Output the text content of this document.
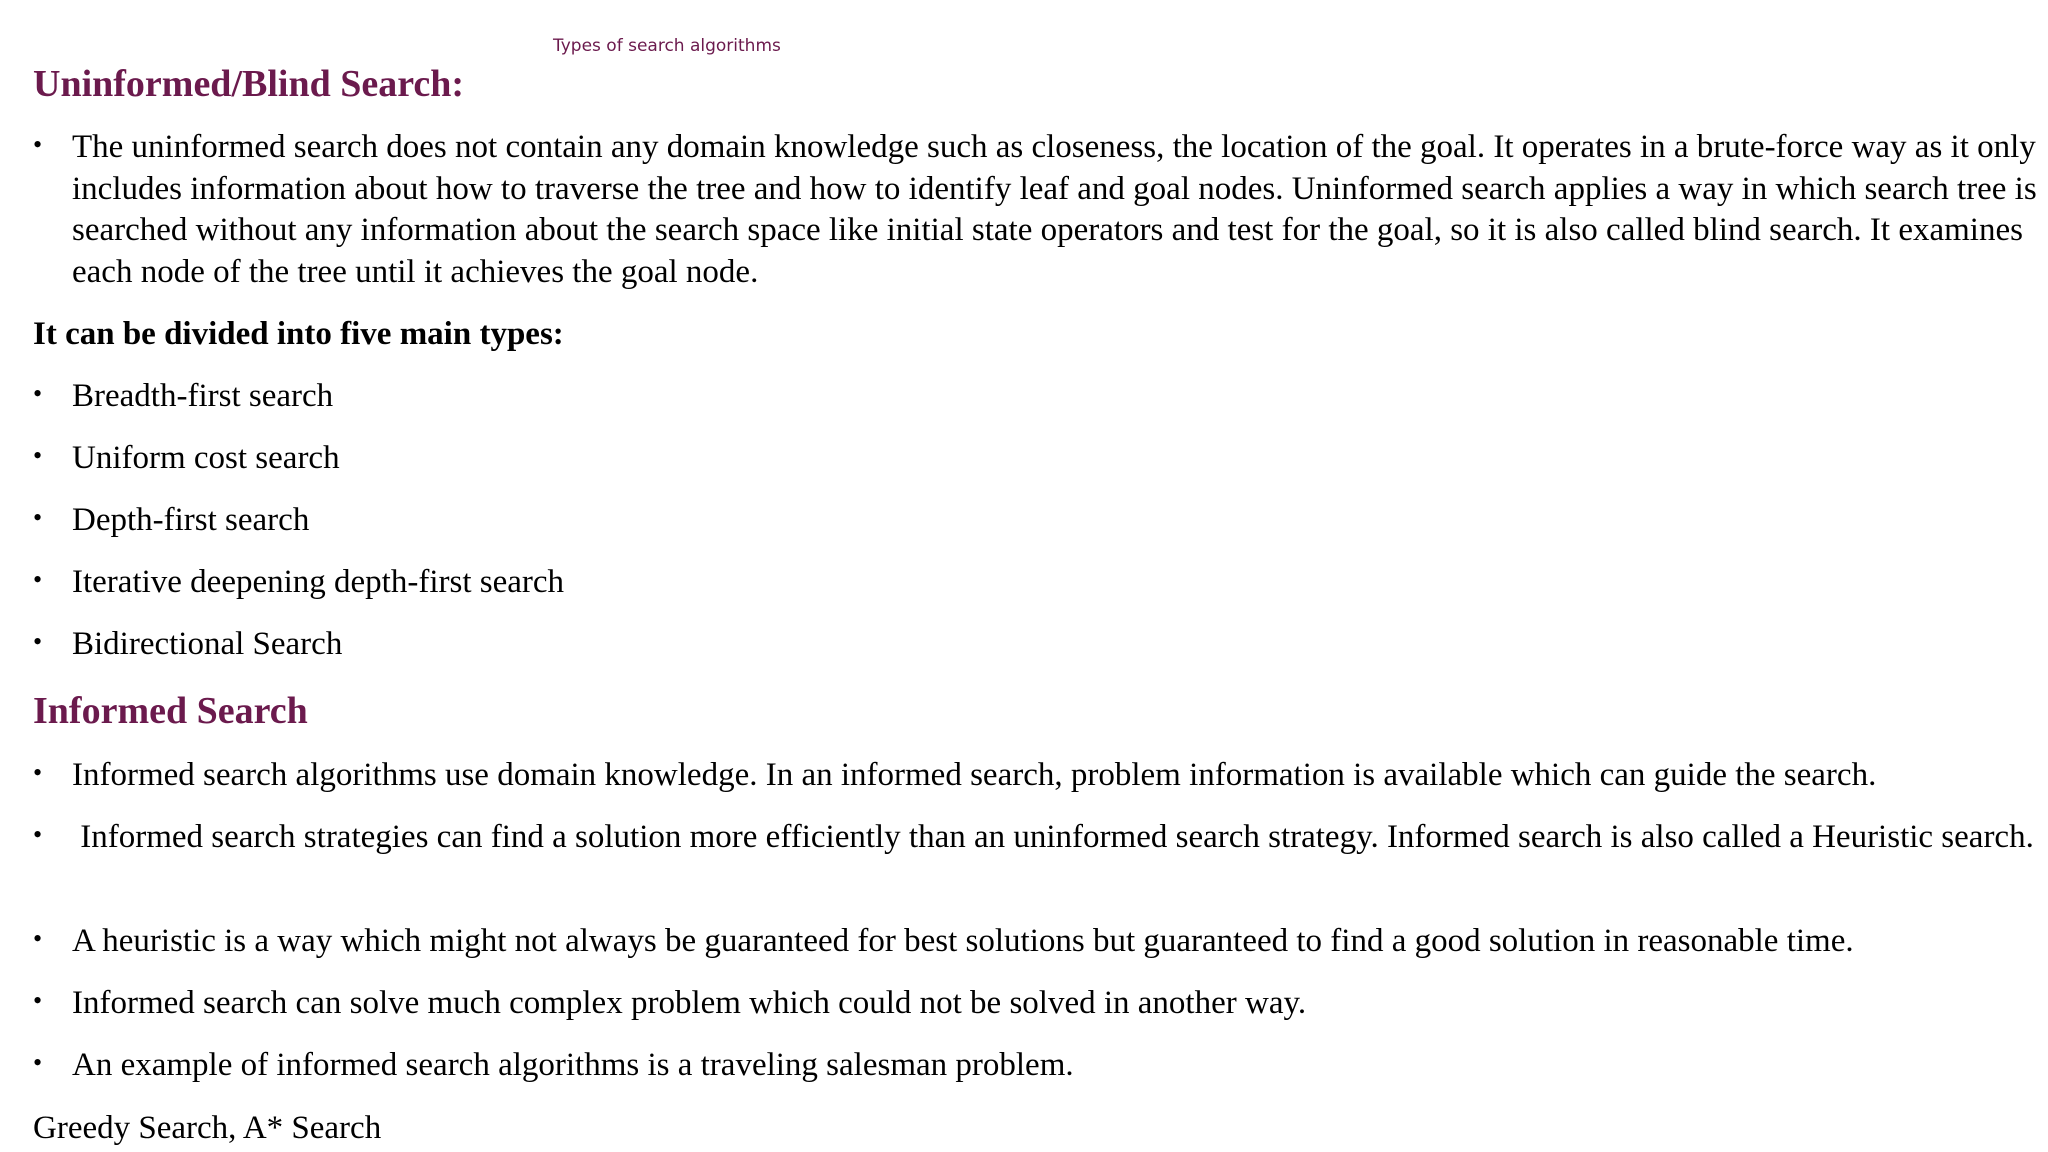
Types of search algorithms
Uninformed/Blind Search:
• The uninformed search does not contain any domain knowledge such as closeness, the location of the goal. It operates in a brute-force way as it only includes information about how to traverse the tree and how to identify leaf and goal nodes. Uninformed search applies a way in which search tree is searched without any information about the search space like initial state operators and test for the goal, so it is also called blind search. It examines each node of the tree until it achieves the goal node.
It can be divided into five main types:
• Breadth-first search
• Uniform cost search
• Depth-first search
• Iterative deepening depth-first search
• Bidirectional Search
Informed Search
• Informed search algorithms use domain knowledge. In an informed search, problem information is available which can guide the search.
• Informed search strategies can find a solution more efficiently than an uninformed search strategy. Informed search is also called a Heuristic search.
• A heuristic is a way which might not always be guaranteed for best solutions but guaranteed to find a good solution in reasonable time.
• Informed search can solve much complex problem which could not be solved in another way.
• An example of informed search algorithms is a traveling salesman problem.
Greedy Search, A* Search
